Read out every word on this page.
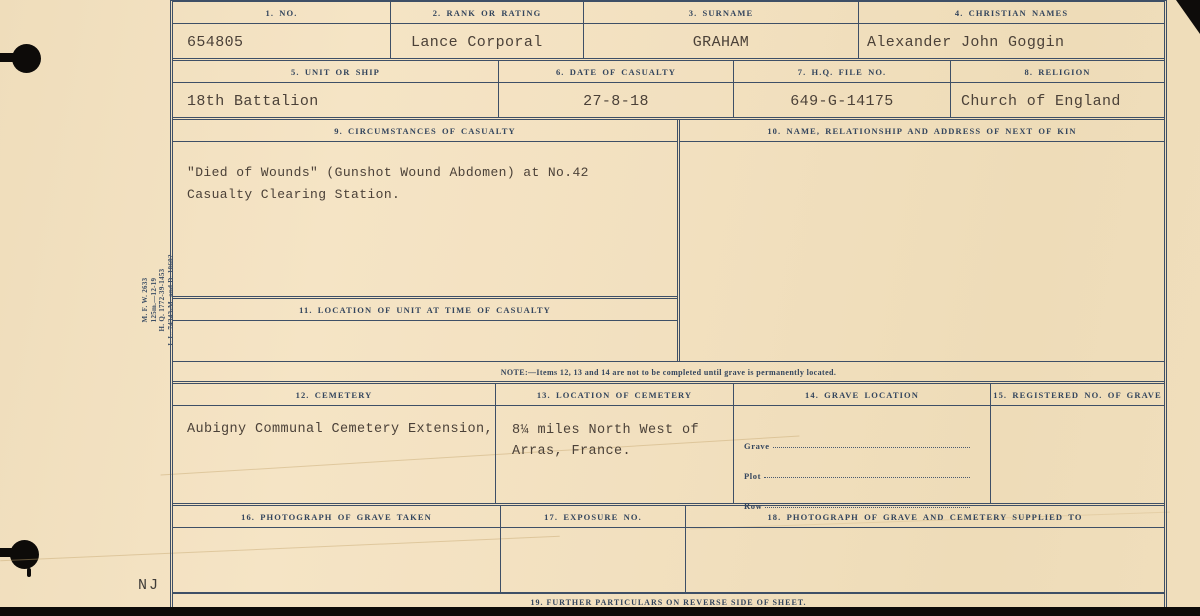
M. F. W. 2633 125m.—12-19 H. Q. 1772-39-1453 I. L. 74343-M. and D. 10602
NJ
1. NO.
654805
2. RANK OR RATING
Lance Corporal
3. SURNAME
GRAHAM
4. CHRISTIAN NAMES
Alexander John Goggin
5. UNIT OR SHIP
18th Battalion
6. DATE OF CASUALTY
27-8-18
7. H.Q. FILE NO.
649-G-14175
8. RELIGION
Church of England
9. CIRCUMSTANCES OF CASUALTY
"Died of Wounds" (Gunshot Wound Abdomen) at No.42 Casualty Clearing Station.
11. LOCATION OF UNIT AT TIME OF CASUALTY
10. NAME, RELATIONSHIP AND ADDRESS OF NEXT OF KIN
NOTE:—Items 12, 13 and 14 are not to be completed until grave is permanently located.
12. CEMETERY
Aubigny Communal Cemetery Extension,
13. LOCATION OF CEMETERY
8¼ miles North West of Arras, France.
14. GRAVE LOCATION
Grave
Plot
Row
15. REGISTERED NO. OF GRAVE
16. PHOTOGRAPH OF GRAVE TAKEN	17. EXPOSURE NO.	18. PHOTOGRAPH OF GRAVE AND CEMETERY SUPPLIED TO
19. FURTHER PARTICULARS ON REVERSE SIDE OF SHEET.
